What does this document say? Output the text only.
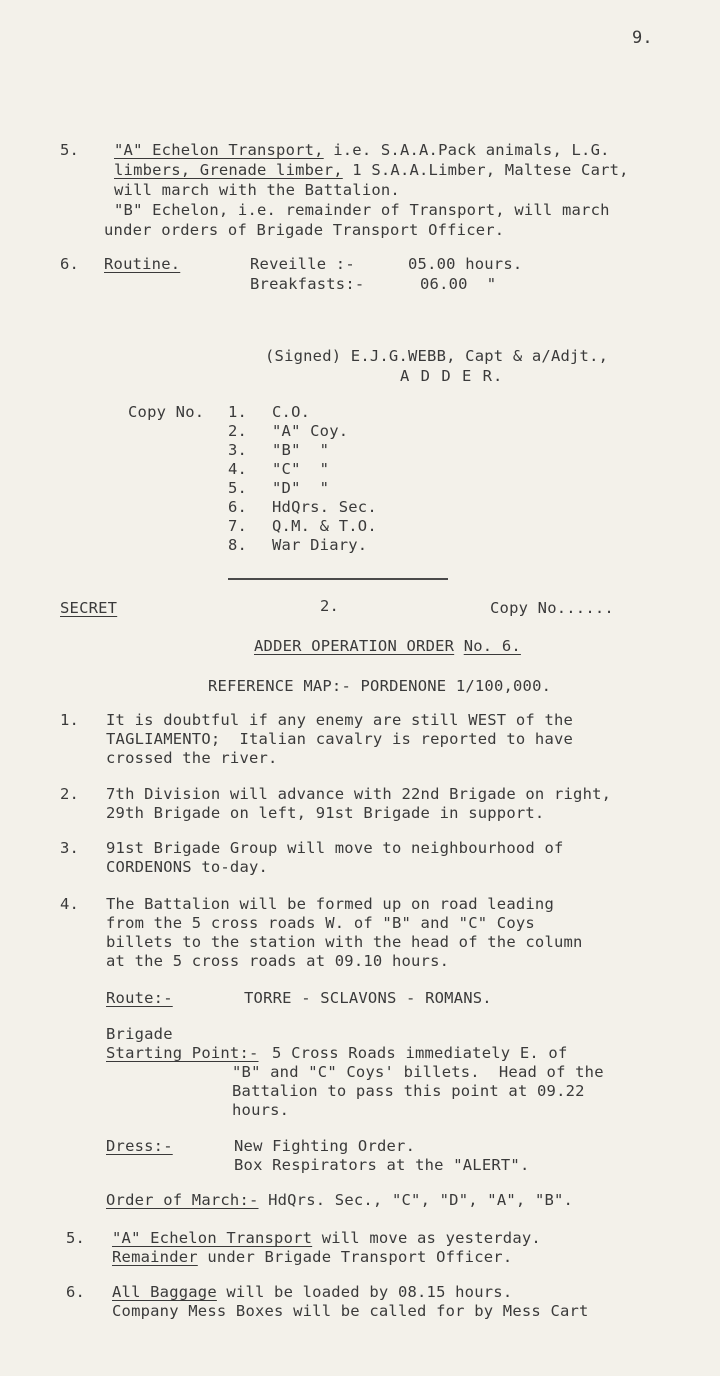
9.
5. "A" Echelon Transport, i.e. S.A.A.Pack animals, L.G.
limbers, Grenade limber, 1 S.A.A.Limber, Maltese Cart,
will march with the Battalion.
"B" Echelon, i.e. remainder of Transport, will march
under orders of Brigade Transport Officer.
6. Routine.	Reveille :-	05.00 hours.
Breakfasts:-	06.00  "
(Signed) E.J.G.WEBB, Capt & a/Adjt.,
A D D E R.
Copy No. 1. C.O.
2. "A" Coy.
3. "B"  "
4. "C"  "
5. "D"  "
6. HdQrs. Sec.
7. Q.M. & T.O.
8. War Diary.
SECRET	2.	Copy No......
ADDER OPERATION ORDER No. 6.
REFERENCE MAP:- PORDENONE 1/100,000.
1. It is doubtful if any enemy are still WEST of the
TAGLIAMENTO;  Italian cavalry is reported to have
crossed the river.
2. 7th Division will advance with 22nd Brigade on right,
29th Brigade on left, 91st Brigade in support.
3. 91st Brigade Group will move to neighbourhood of
CORDENONS to-day.
4. The Battalion will be formed up on road leading
from the 5 cross roads W. of "B" and "C" Coys
billets to the station with the head of the column
at the 5 cross roads at 09.10 hours.
Route:-	TORRE - SCLAVONS - ROMANS.
Brigade
Starting Point:- 5 Cross Roads immediately E. of
"B" and "C" Coys' billets.  Head of the
Battalion to pass this point at 09.22
hours.
Dress:-	New Fighting Order.
Box Respirators at the "ALERT".
Order of March:- HdQrs. Sec., "C", "D", "A", "B".
5. "A" Echelon Transport will move as yesterday.
Remainder under Brigade Transport Officer.
6. All Baggage will be loaded by 08.15 hours.
Company Mess Boxes will be called for by Mess Cart
